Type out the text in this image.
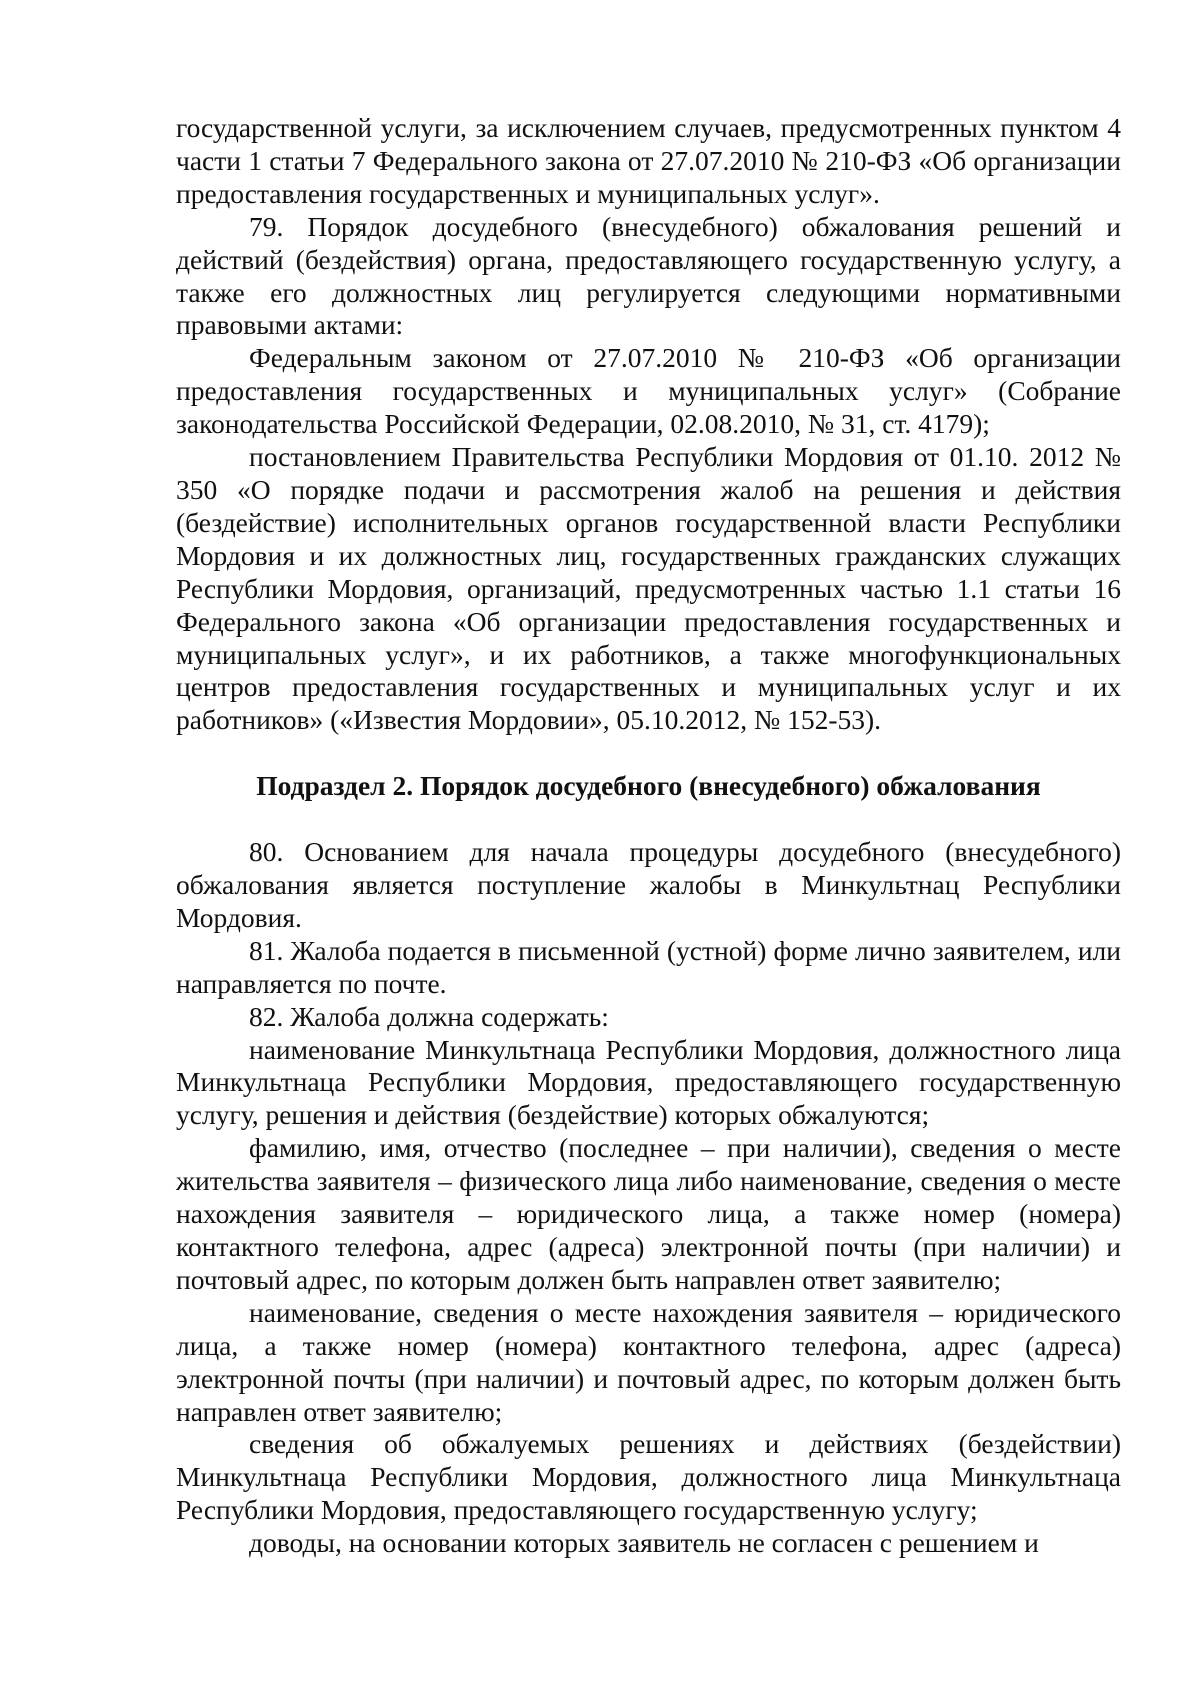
государственной услуги, за исключением случаев, предусмотренных пунктом 4 части 1 статьи 7 Федерального закона от 27.07.2010 № 210-ФЗ «Об организации предоставления государственных и муниципальных услуг».

79. Порядок досудебного (внесудебного) обжалования решений и действий (бездействия) органа, предоставляющего государственную услугу, а также его должностных лиц регулируется следующими нормативными правовыми актами:

Федеральным законом от 27.07.2010 № 210-ФЗ «Об организации предоставления государственных и муниципальных услуг» (Собрание законодательства Российской Федерации, 02.08.2010, № 31, ст. 4179);

постановлением Правительства Республики Мордовия от 01.10. 2012 № 350 «О порядке подачи и рассмотрения жалоб на решения и действия (бездействие) исполнительных органов государственной власти Республики Мордовия и их должностных лиц, государственных гражданских служащих Республики Мордовия, организаций, предусмотренных частью 1.1 статьи 16 Федерального закона «Об организации предоставления государственных и муниципальных услуг», и их работников, а также многофункциональных центров предоставления государственных и муниципальных услуг и их работников» («Известия Мордовии», 05.10.2012, № 152-53).

Подраздел 2. Порядок досудебного (внесудебного) обжалования

80. Основанием для начала процедуры досудебного (внесудебного) обжалования является поступление жалобы в Минкультнац Республики Мордовия.

81. Жалоба подается в письменной (устной) форме лично заявителем, или направляется по почте.

82. Жалоба должна содержать:

наименование Минкультнаца Республики Мордовия, должностного лица Минкультнаца Республики Мордовия, предоставляющего государственную услугу, решения и действия (бездействие) которых обжалуются;

фамилию, имя, отчество (последнее – при наличии), сведения о месте жительства заявителя – физического лица либо наименование, сведения о месте нахождения заявителя – юридического лица, а также номер (номера) контактного телефона, адрес (адреса) электронной почты (при наличии) и почтовый адрес, по которым должен быть направлен ответ заявителю;

наименование, сведения о месте нахождения заявителя – юридического лица, а также номер (номера) контактного телефона, адрес (адреса) электронной почты (при наличии) и почтовый адрес, по которым должен быть направлен ответ заявителю;

сведения об обжалуемых решениях и действиях (бездействии) Минкультнаца Республики Мордовия, должностного лица Минкультнаца Республики Мордовия, предоставляющего государственную услугу;

доводы, на основании которых заявитель не согласен с решением и
